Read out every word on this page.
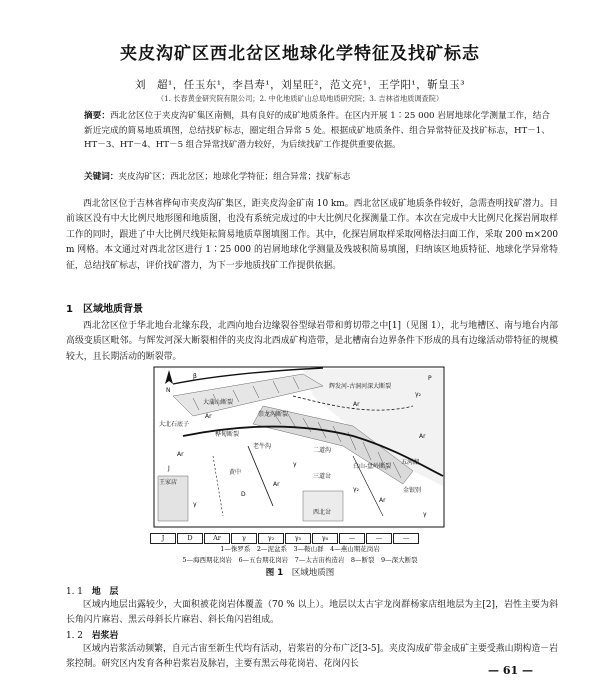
夹皮沟矿区西北岔区地球化学特征及找矿标志
刘　超¹，任玉东¹，李昌寿¹，刘星旺²，范文亮¹，王学阳¹，靳皇玉³
（1. 长春黄金研究院有限公司；2. 中化地质矿山总局地质研究院；3. 吉林省地质调查院）
摘要：西北岔区位于夹皮沟矿集区南侧，具有良好的成矿地质条件。在区内开展 1∶25 000 岩屑地球化学测量工作，结合新近完成的简易地质填图，总结找矿标志，圈定组合异常 5 处。根据成矿地质条件、组合异常特征及找矿标志，HT－1、HT－3、HT－4、HT－5 组合异常找矿潜力较好，为后续找矿工作提供重要依据。
关键词：夹皮沟矿区；西北岔区；地球化学特征；组合异常；找矿标志
西北岔区位于吉林省桦甸市夹皮沟矿集区，距夹皮沟金矿南 10 km。西北岔区成矿地质条件较好，急需查明找矿潜力。目前该区没有中大比例尺地形图和地质图，也没有系统完成过的中大比例尺化探测量工作。本次在完成中大比例尺化探岩屑取样工作的同时，跟进了中大比例尺线矩耘简易地质草图填图工作。其中，化探岩屑取样采取网格法扫面工作，采取 200 m×200 m 网格。本文通过对西北岔区进行 1∶25 000 的岩屑地球化学测量及残坡积简易填图，归纳该区地质特征、地球化学异常特征，总结找矿标志，评价找矿潜力，为下一步地质找矿工作提供依据。
1　区域地质背景
西北岔区位于华北地台北缘东段，北西向地台边缘裂谷型绿岩带和剪切带之中[1]（见图 1），北与地槽区、南与地台内部高级变质区毗邻。与辉发河深大断裂相伴的夹皮沟北西成矿构造带，是北槽南台边界条件下形成的具有边缘活动带特征的规模较大，且长期活动的断裂带。
N
β
大蒲山断裂
辉发河-古洞河深大断裂
崇龙沟断裂
大北石底子
桦甸断裂
老牛沟
二道沟
黄中
王家店
三道岔
西北岔
五河湖
金银别
白山-盘岭断裂
Ar
Ar
Ar
Ar
Ar
Ar
γ₂
γ
γ
γ₂
γ
J
D
P
J	D	Ar	γ	γ₂	γ₅	γ₆	—	—	—
1—侏罗系　2—泥盆系　3—鞍山群　4—燕山期花岗岩
5—海西期花岗岩　6—五台期花岗岩　7—太古宙构造岩　8—断裂　9—深大断裂
图 1　 区域地质图
1. 1　 地　层
区域内地层出露较少，大面积被花岗岩体覆盖（70 % 以上）。地层以太古宇龙岗群杨家店组地层为主[2]，岩性主要为斜长角闪片麻岩、黑云母斜长片麻岩、斜长角闪岩组成。
1. 2　 岩浆岩
区域内岩浆活动频繁，自元古宙至新生代均有活动，岩浆岩的分布广泛[3-5]。夹皮沟成矿带金成矿主要受燕山期构造－岩浆控制。研究区内发育各种岩浆岩及脉岩，主要有黑云母花岗岩、花岗闪长	— 61 —
